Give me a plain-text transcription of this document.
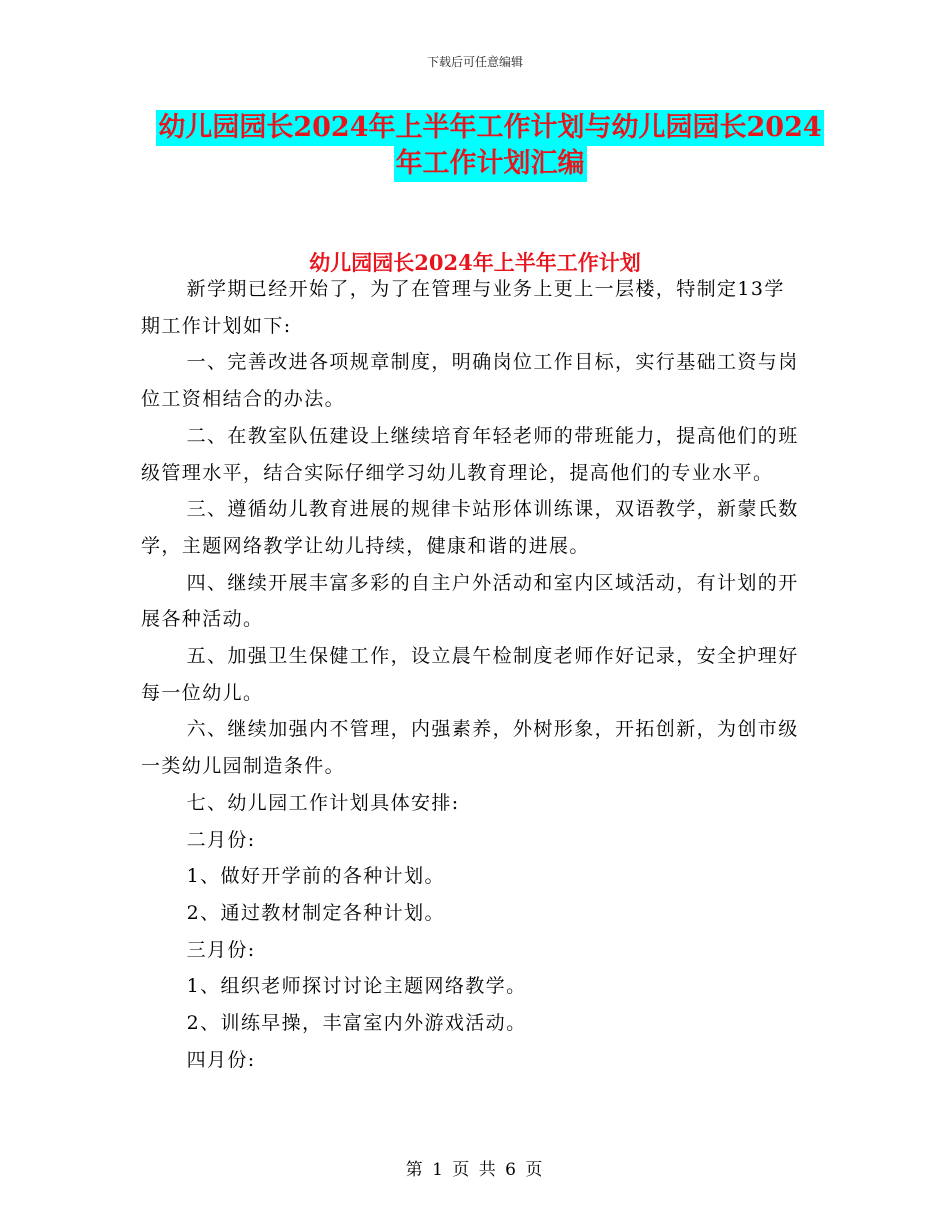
下载后可任意编辑
幼儿园园长2024年上半年工作计划与幼儿园园长2024
年工作计划汇编
幼儿园园长2024年上半年工作计划

新学期已经开始了，为了在管理与业务上更上一层楼，特制定13学期工作计划如下:

一、完善改进各项规章制度，明确岗位工作目标，实行基础工资与岗位工资相结合的办法。

二、在教室队伍建设上继续培育年轻老师的带班能力，提高他们的班级管理水平，结合实际仔细学习幼儿教育理论，提高他们的专业水平。

三、遵循幼儿教育进展的规律卡站形体训练课，双语教学，新蒙氏数学，主题网络教学让幼儿持续，健康和谐的进展。

四、继续开展丰富多彩的自主户外活动和室内区域活动，有计划的开展各种活动。

五、加强卫生保健工作，设立晨午检制度老师作好记录，安全护理好每一位幼儿。

六、继续加强内不管理，内强素养，外树形象，开拓创新，为创市级一类幼儿园制造条件。

七、幼儿园工作计划具体安排:

二月份:

1、做好开学前的各种计划。

2、通过教材制定各种计划。

三月份:

1、组织老师探讨讨论主题网络教学。

2、训练早操，丰富室内外游戏活动。

四月份:

第 1 页 共 6 页
